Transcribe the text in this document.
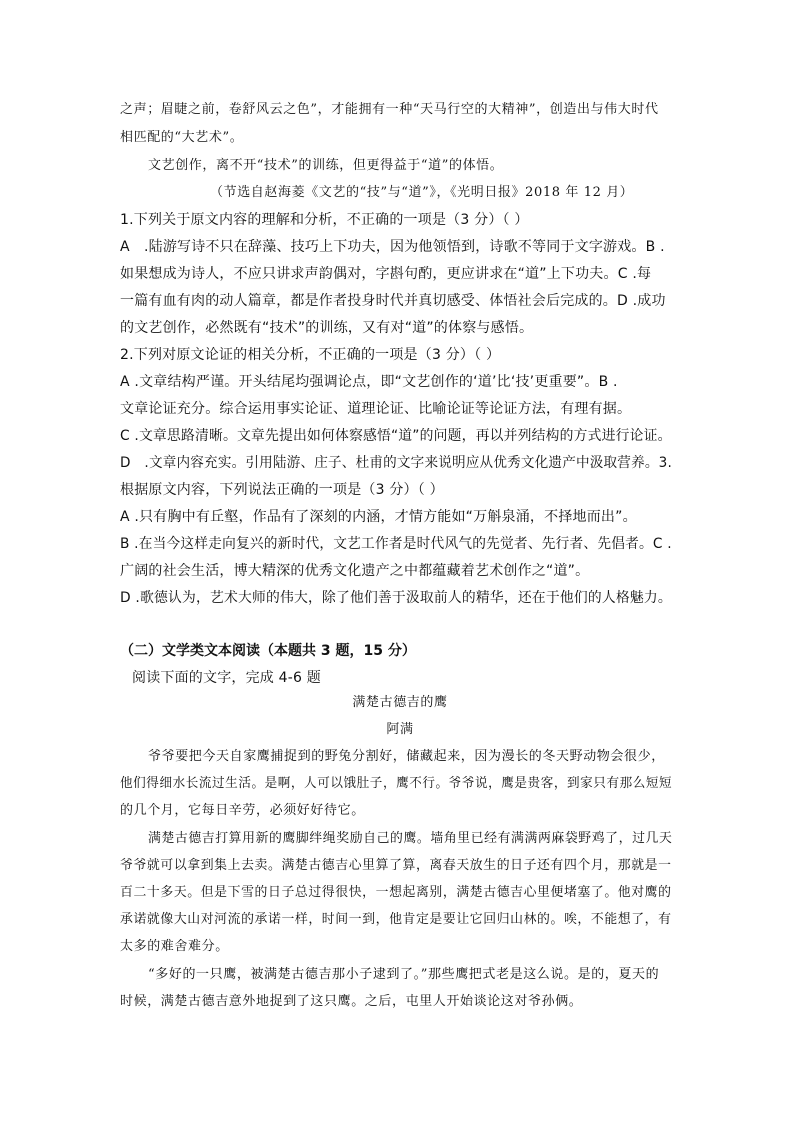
之声；眉睫之前，卷舒风云之色”，才能拥有一种“天马行空的大精神”，创造出与伟大时代
相匹配的“大艺术”。
文艺创作，离不开“技术”的训练，但更得益于“道”的体悟。
（节选自赵海菱《文艺的“技”与“道”》，《光明日报》2018 年 12 月）
1.下列关于原文内容的理解和分析，不正确的一项是（3 分）（ ）
A　.陆游写诗不只在辞藻、技巧上下功夫，因为他领悟到，诗歌不等同于文字游戏。B .
如果想成为诗人，不应只讲求声韵偶对，字斟句酌，更应讲求在“道”上下功夫。C .每
一篇有血有肉的动人篇章，都是作者投身时代并真切感受、体悟社会后完成的。D .成功
的文艺创作，必然既有“技术”的训练，又有对“道”的体察与感悟。
2.下列对原文论证的相关分析，不正确的一项是（3 分）（ ）
A .文章结构严谨。开头结尾均强调论点，即“文艺创作的‘道’比‘技’更重要”。B .
文章论证充分。综合运用事实论证、道理论证、比喻论证等论证方法，有理有据。
C .文章思路清晰。文章先提出如何体察感悟“道”的问题，再以并列结构的方式进行论证。
D　.文章内容充实。引用陆游、庄子、杜甫的文字来说明应从优秀文化遗产中汲取营养。3.
根据原文内容，下列说法正确的一项是（3 分）（ ）
A .只有胸中有丘壑，作品有了深刻的内涵，才情方能如“万斛泉涌，不择地而出”。
B .在当今这样走向复兴的新时代，文艺工作者是时代风气的先觉者、先行者、先倡者。C .
广阔的社会生活，博大精深的优秀文化遗产之中都蕴藏着艺术创作之“道”。
D .歌德认为，艺术大师的伟大，除了他们善于汲取前人的精华，还在于他们的人格魅力。
（二）文学类文本阅读（本题共 3 题，15 分）
阅读下面的文字，完成 4-6 题
满楚古德吉的鹰
阿满
爷爷要把今天自家鹰捕捉到的野兔分割好，储藏起来，因为漫长的冬天野动物会很少，
他们得细水长流过生活。是啊，人可以饿肚子，鹰不行。爷爷说，鹰是贵客，到家只有那么短短
的几个月，它每日辛劳，必须好好待它。
满楚古德吉打算用新的鹰脚绊绳奖励自己的鹰。墙角里已经有满满两麻袋野鸡了，过几天
爷爷就可以拿到集上去卖。满楚古德吉心里算了算，离春天放生的日子还有四个月，那就是一
百二十多天。但是下雪的日子总过得很快，一想起离别，满楚古德吉心里便堵塞了。他对鹰的
承诺就像大山对河流的承诺一样，时间一到，他肯定是要让它回归山林的。唉，不能想了，有
太多的难舍难分。
“多好的一只鹰，被满楚古德吉那小子逮到了。”那些鹰把式老是这么说。是的，夏天的
时候，满楚古德吉意外地捉到了这只鹰。之后，屯里人开始谈论这对爷孙俩。
